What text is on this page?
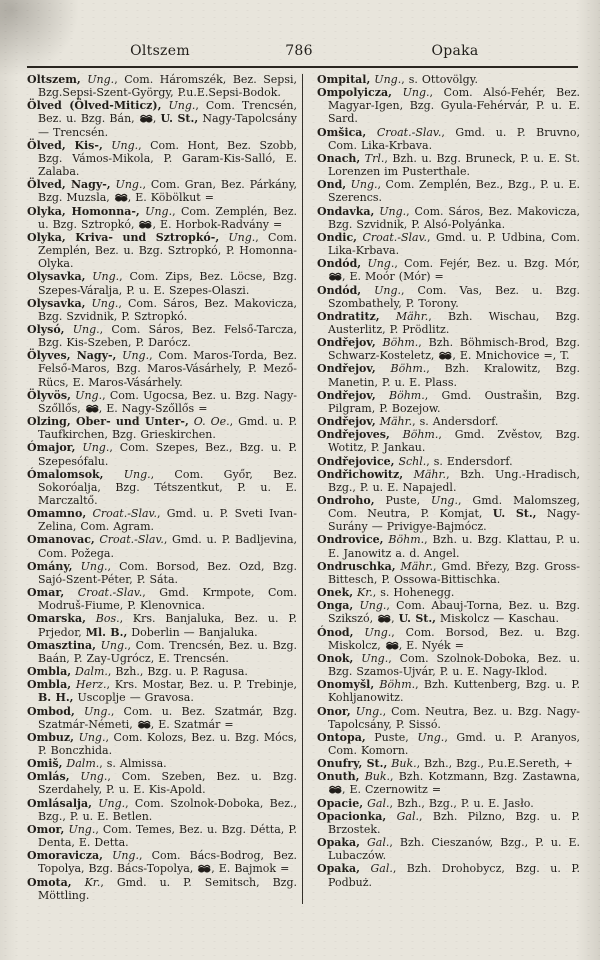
Oltszem	786	Opaka

Oltszem, Ung., Com. Háromszék, Bez. Sepsi, Bzg.Sepsi-Szent-György, P.u.E.Sepsi-Bodok.

Ölved (Ölved-Miticz), Ung., Com. Trencsén, Bez. u. Bzg. Bán, , U. St., Nagy-Tapolcsány — Trencsén.

Ölved, Kis-, Ung., Com. Hont, Bez. Szobb, Bzg. Vámos-Mikola, P. Garam-Kis-Salló, E. Zalaba.

Ölved, Nagy-, Ung., Com. Gran, Bez. Párkány, Bzg. Muzsla, , E. Köbölkut =

Olyka, Homonna-, Ung., Com. Zemplén, Bez. u. Bzg. Sztropkó, , E. Horbok-Radvány =

Olyka, Kriva- und Sztropkó-, Ung., Com. Zemplén, Bez. u. Bzg. Sztropkó, P. Homonna-Olyka.

Olysavka, Ung., Com. Zips, Bez. Löcse, Bzg. Szepes-Váralja, P. u. E. Szepes-Olaszi.

Olysavka, Ung., Com. Sáros, Bez. Makovicza, Bzg. Szvidnik, P. Sztropkó.

Olysó, Ung., Com. Sáros, Bez. Felső-Tarcza, Bzg. Kis-Szeben, P. Darócz.

Ölyves, Nagy-, Ung., Com. Maros-Torda, Bez. Felső-Maros, Bzg. Maros-Vásárhely, P. Mező-Rücs, E. Maros-Vásárhely.

Ölyvös, Ung., Com. Ugocsa, Bez. u. Bzg. Nagy-Szőllős, , E. Nagy-Szőllős =

Olzing, Ober- und Unter-, O. Oe., Gmd. u. P. Taufkirchen, Bzg. Grieskirchen.

Ómajor, Ung., Com. Szepes, Bez., Bzg. u. P. Szepesófalu.

Ómalomsok, Ung., Com. Győr, Bez. Sokoróalja, Bzg. Tétszentkut, P. u. E. Marczaltő.

Omamno, Croat.-Slav., Gmd. u. P. Sveti Ivan-Zelina, Com. Agram.

Omanovac, Croat.-Slav., Gmd. u. P. Badljevina, Com. Požega.

Omány, Ung., Com. Borsod, Bez. Ozd, Bzg. Sajó-Szent-Péter, P. Sáta.

Omar, Croat.-Slav., Gmd. Krmpote, Com. Modruš-Fiume, P. Klenovnica.

Omarska, Bos., Krs. Banjaluka, Bez. u. P. Prjedor, Ml. B., Doberlin — Banjaluka.

Omasztina, Ung., Com. Trencsén, Bez. u. Bzg. Baán, P. Zay-Ugrócz, E. Trencsén.

Ombla, Dalm., Bzh., Bzg. u. P. Ragusa.

Ombla, Herz., Krs. Mostar, Bez. u. P. Trebinje, B. H., Uscoplje — Gravosa.

Ombod, Ung., Com. u. Bez. Szatmár, Bzg. Szatmár-Németi, , E. Szatmár =

Ombuz, Ung., Com. Kolozs, Bez. u. Bzg. Mócs, P. Bonczhida.

Omiš, Dalm., s. Almissa.

Omlás, Ung., Com. Szeben, Bez. u. Bzg. Szerdahely, P. u. E. Kis-Apold.

Omlásalja, Ung., Com. Szolnok-Doboka, Bez., Bzg., P. u. E. Betlen.

Omor, Ung., Com. Temes, Bez. u. Bzg. Détta, P. Denta, E. Detta.

Omoravicza, Ung., Com. Bács-Bodrog, Bez. Topolya, Bzg. Bács-Topolya, , E. Bajmok =

Omota, Kr., Gmd. u. P. Semitsch, Bzg. Möttling.

Ompital, Ung., s. Ottovölgy.

Ompolyicza, Ung., Com. Alsó-Fehér, Bez. Magyar-Igen, Bzg. Gyula-Fehérvár, P. u. E. Sard.

Omšica, Croat.-Slav., Gmd. u. P. Bruvno, Com. Lika-Krbava.

Onach, Trl., Bzh. u. Bzg. Bruneck, P. u. E. St. Lorenzen im Pusterthale.

Ond, Ung., Com. Zemplén, Bez., Bzg., P. u. E. Szerencs.

Ondavka, Ung., Com. Sáros, Bez. Makovicza, Bzg. Szvidnik, P. Alsó-Polyánka.

Ondic, Croat.-Slav., Gmd. u. P. Udbina, Com. Lika-Krbava.

Ondód, Ung., Com. Fejér, Bez. u. Bzg. Mór, , E. Moór (Mór) =

Ondód, Ung., Com. Vas, Bez. u. Bzg. Szombathely, P. Torony.

Ondratitz, Mähr., Bzh. Wischau, Bzg. Austerlitz, P. Prödlitz.

Ondřejov, Böhm., Bzh. Böhmisch-Brod, Bzg. Schwarz-Kosteletz, , E. Mnichovice =, T.

Ondřejov, Böhm., Bzh. Kralowitz, Bzg. Manetin, P. u. E. Plass.

Ondřejov, Böhm., Gmd. Oustrašin, Bzg. Pilgram, P. Bozejow.

Ondřejov, Mähr., s. Andersdorf.

Ondřejoves, Böhm., Gmd. Zvěstov, Bzg. Wotitz, P. Jankau.

Ondřejovice, Schl., s. Endersdorf.

Ondřichowitz, Mähr., Bzh. Ung.-Hradisch, Bzg., P. u. E. Napajedl.

Ondroho, Puste, Ung., Gmd. Malomszeg, Com. Neutra, P. Komjat, U. St., Nagy-Surány — Privigye-Bajmócz.

Ondrovice, Böhm., Bzh. u. Bzg. Klattau, P. u. E. Janowitz a. d. Angel.

Ondruschka, Mähr., Gmd. Březy, Bzg. Gross-Bittesch, P. Ossowa-Bittischka.

Onek, Kr., s. Hohenegg.

Onga, Ung., Com. Abauj-Torna, Bez. u. Bzg. Szikszó, , U. St., Miskolcz — Kaschau.

Ónod, Ung., Com. Borsod, Bez. u. Bzg. Miskolcz, , E. Nyék =

Onok, Ung., Com. Szolnok-Doboka, Bez. u. Bzg. Szamos-Ujvár, P. u. E. Nagy-Iklod.

Onomyšl, Böhm., Bzh. Kuttenberg, Bzg. u. P. Kohljanowitz.

Onor, Ung., Com. Neutra, Bez. u. Bzg. Nagy-Tapolcsány, P. Sissó.

Ontopa, Puste, Ung., Gmd. u. P. Aranyos, Com. Komorn.

Onufry, St., Buk., Bzh., Bzg., P.u.E.Sereth, +

Onuth, Buk., Bzh. Kotzmann, Bzg. Zastawna, , E. Czernowitz =

Opacie, Gal., Bzh., Bzg., P. u. E. Jasło.

Opacionka, Gal., Bzh. Pilzno, Bzg. u. P. Brzostek.

Opaka, Gal., Bzh. Cieszanów, Bzg., P. u. E. Lubaczów.

Opaka, Gal., Bzh. Drohobycz, Bzg. u. P. Podbuż.
